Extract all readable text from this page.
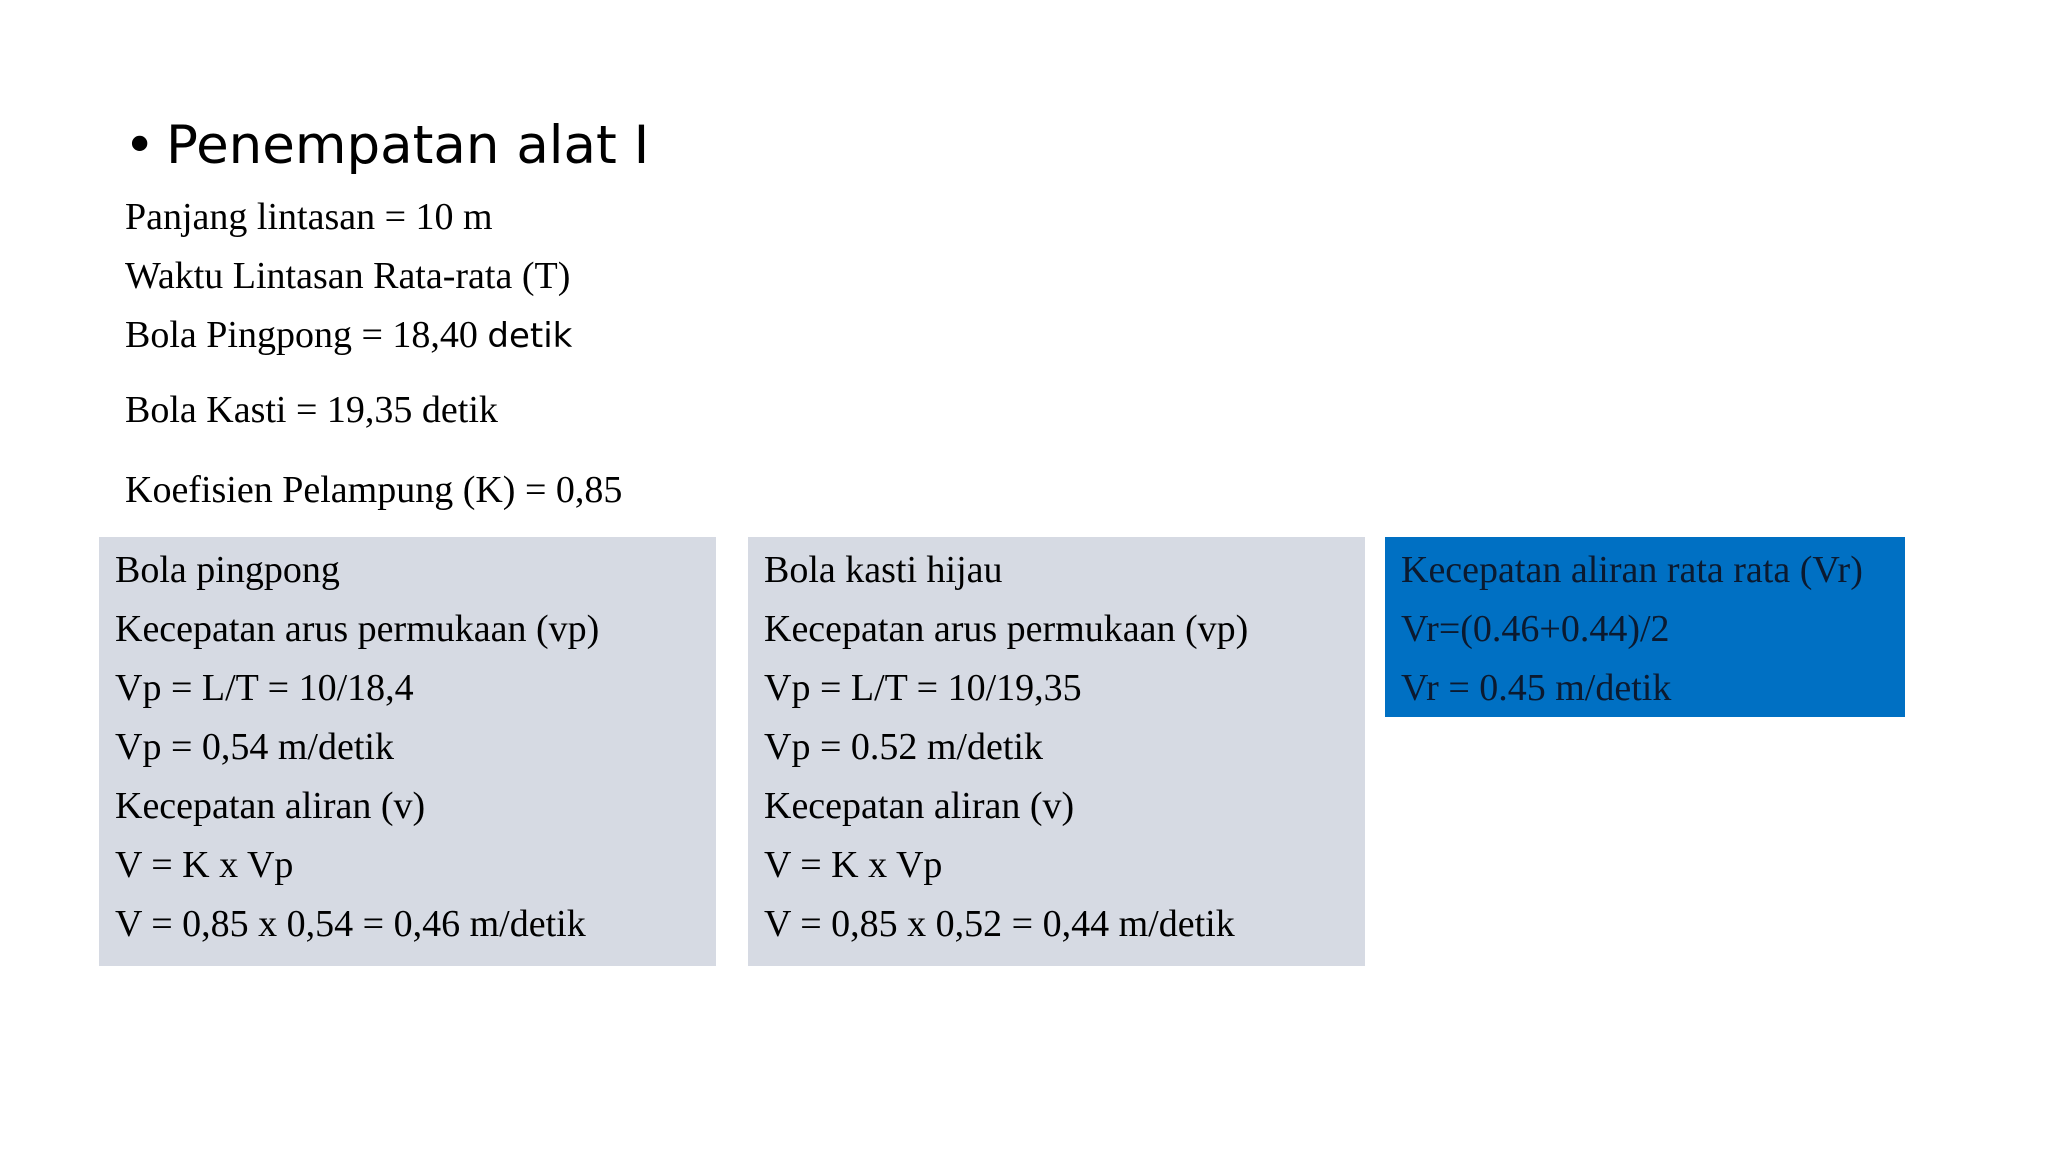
• Penempatan alat I
Panjang lintasan = 10 m
Waktu Lintasan Rata-rata (T)
Bola Pingpong = 18,40 detik
Bola Kasti = 19,35 detik
Koefisien Pelampung (K) = 0,85
Bola pingpong
Kecepatan arus permukaan (vp)
Vp = L/T = 10/18,4
Vp = 0,54 m/detik
Kecepatan aliran (v)
V = K x Vp
V = 0,85 x 0,54 = 0,46 m/detik
Bola kasti hijau
Kecepatan arus permukaan (vp)
Vp = L/T = 10/19,35
Vp = 0.52 m/detik
Kecepatan aliran (v)
V = K x Vp
V = 0,85 x 0,52 = 0,44 m/detik
Kecepatan aliran rata rata (Vr)
Vr=(0.46+0.44)/2
Vr = 0.45 m/detik
